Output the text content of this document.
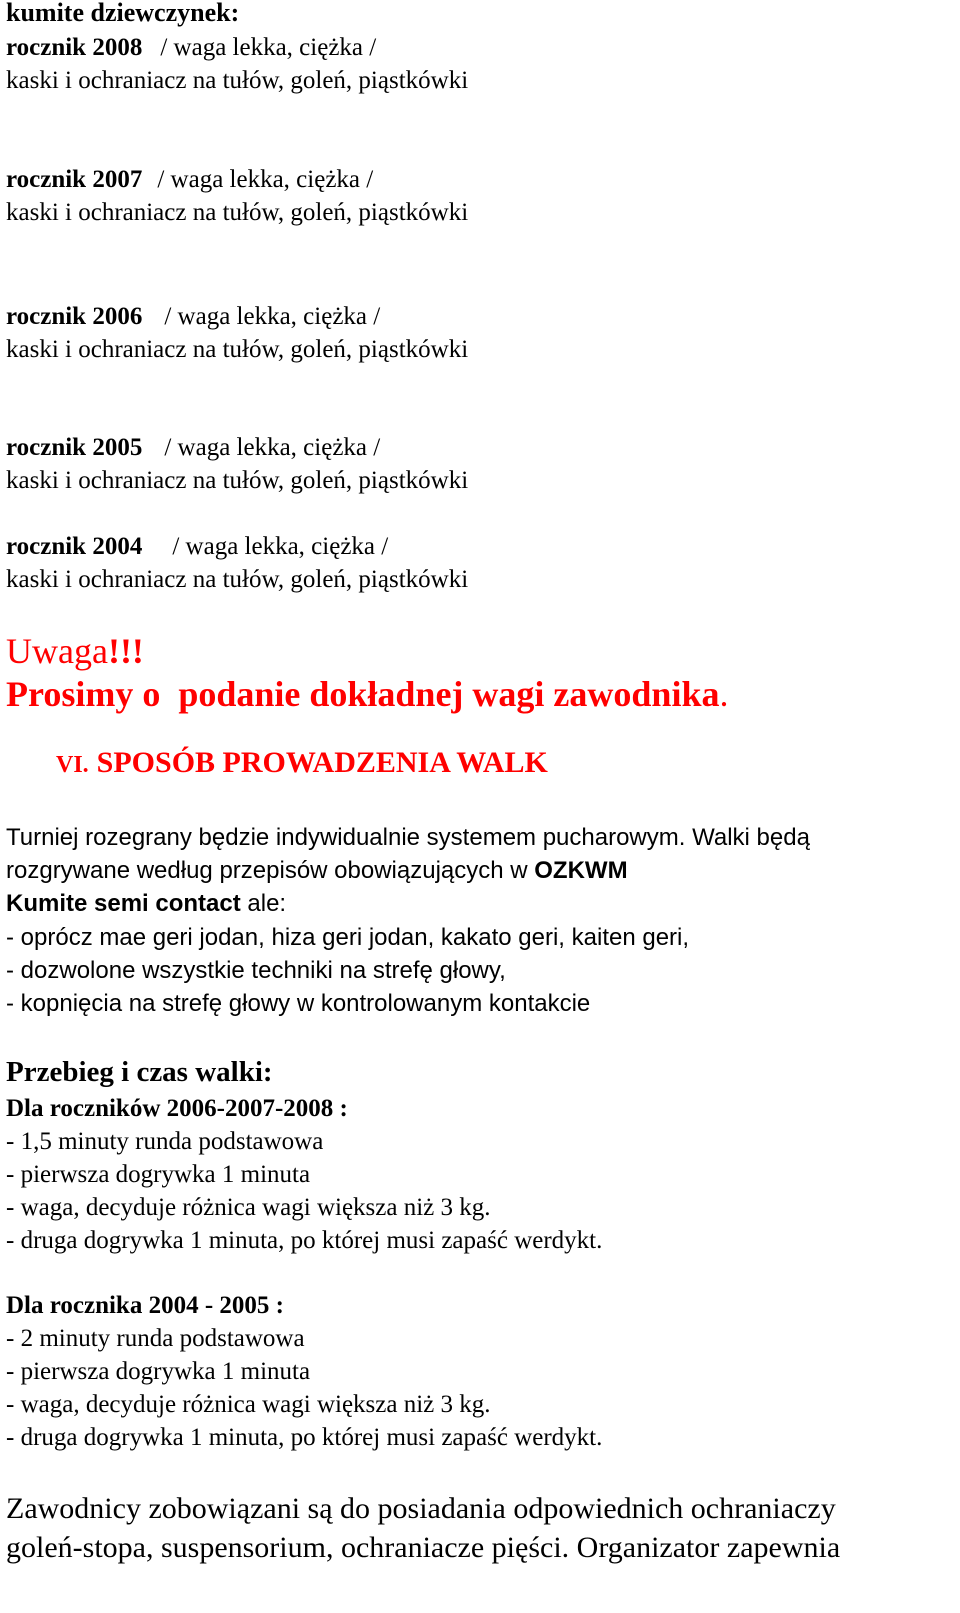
kumite dziewczynek:
rocznik 2008 / waga lekka, ciężka /
kaski i ochraniacz na tułów, goleń, piąstkówki
rocznik 2007 / waga lekka, ciężka /
kaski i ochraniacz na tułów, goleń, piąstkówki
rocznik 2006 / waga lekka, ciężka /
kaski i ochraniacz na tułów, goleń, piąstkówki
rocznik 2005 / waga lekka, ciężka /
kaski i ochraniacz na tułów, goleń, piąstkówki
rocznik 2004 / waga lekka, ciężka /
kaski i ochraniacz na tułów, goleń, piąstkówki
Uwaga!!!
Prosimy o  podanie dokładnej wagi zawodnika.
VI. SPOSÓB PROWADZENIA WALK
Turniej rozegrany będzie indywidualnie systemem pucharowym. Walki będą
rozgrywane według przepisów obowiązujących w OZKWM
Kumite semi contact ale:
- oprócz mae geri jodan, hiza geri jodan, kakato geri, kaiten geri,
- dozwolone wszystkie techniki na strefę głowy,
- kopnięcia na strefę głowy w kontrolowanym kontakcie
Przebieg i czas walki:
Dla roczników 2006-2007-2008 :
- 1,5 minuty runda podstawowa
- pierwsza dogrywka 1 minuta
- waga, decyduje różnica wagi większa niż 3 kg.
- druga dogrywka 1 minuta, po której musi zapaść werdykt.
Dla rocznika 2004 - 2005 :
- 2 minuty runda podstawowa
- pierwsza dogrywka 1 minuta
- waga, decyduje różnica wagi większa niż 3 kg.
- druga dogrywka 1 minuta, po której musi zapaść werdykt.
Zawodnicy zobowiązani są do posiadania odpowiednich ochraniaczy
goleń-stopa, suspensorium, ochraniacze pięści. Organizator zapewnia
